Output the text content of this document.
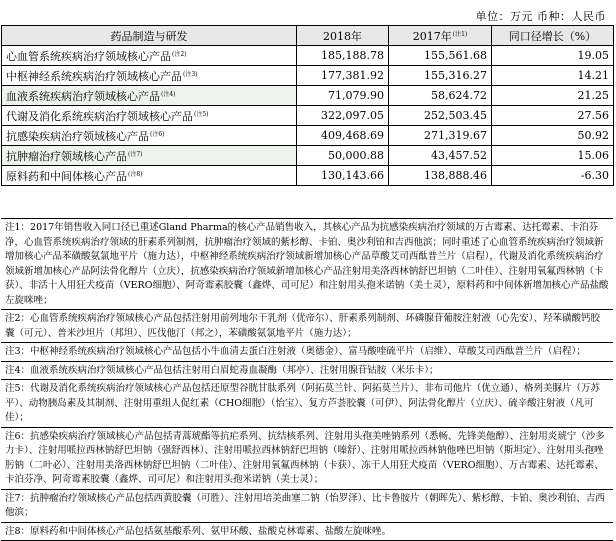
单位：万元 币种：人民币
药品制造与研发	2018年	2017年$^{(注1)}$	同口径增长（%）
心血管系统疾病治疗领域核心产品$^{(注2)}$	185,188.78	155,561.68	19.05
中枢神经系统疾病治疗领域核心产品$^{(注3)}$	177,381.92	155,316.27	14.21
血液系统疾病治疗领域核心产品$^{(注4)}$	71,079.90	58,624.72	21.25
代谢及消化系统疾病治疗领域核心产品$^{(注5)}$	322,097.05	252,503.45	27.56
抗感染疾病治疗领域核心产品$^{(注6)}$	409,468.69	271,319.67	50.92
抗肿瘤治疗领域核心产品$^{(注7)}$	50,000.88	43,457.52	15.06
原料药和中间体核心产品$^{(注8)}$	130,143.66	138,888.46	-6.30
注1：2017年销售收入同口径已重述Gland Pharma的核心产品销售收入，其核心产品为抗感染疾病治疗领域的万古霉素、达托霉素、卡泊芬净，心血管系统疾病治疗领域的肝素系列制剂，抗肿瘤治疗领域的紫杉醇、卡铂、奥沙利铂和吉西他滨；同时重述了心血管系统疾病治疗领域新增加核心产品苯磺酸氨氯地平片（施力达），中枢神经系统疾病治疗领域新增加核心产品草酸艾司西酞普兰片（启程），代谢及消化系统疾病治疗领域新增加核心产品阿法骨化醇片（立庆），抗感染疾病治疗领域新增加核心产品注射用美洛西林钠舒巴坦钠（二叶佳）、注射用氧氟西林钠（卡获）、非活十人用狂犬疫苗（VERO细胞）、阿奇霉素胶囊（鑫烨、司可尼）和注射用头孢米诺钠（美士灵），原料药和中间体新增加核心产品盐酸左旋咪唑；
注2：心血管系统疾病治疗领域核心产品包括注射用前列地尔干乳剂（优帝尔）、肝素系列制剂、环磷腺苷葡胺注射液（心先安）、羟苯磺酸钙胶囊（可元）、普米沙坦片（邦坦）、匹伐他汀（邦之），苯磺酸氨氯地平片（施力达）；
注3：中枢神经系统疾病治疗领域核心产品包括小牛血清去蛋白注射液（奥德金）、富马酸喹硫平片（启维）、草酸艾司西酞普兰片（启程）；
注4：血液系统疾病治疗领域核心产品包括注射用白眉蛇毒血凝酶（邦亭）、注射用腺苷钴胺（米乐卡）；
注5：代谢及消化系统疾病治疗领域核心产品包括还原型谷胱甘肽系列（阿拓莫兰针、阿拓莫兰片）、非布司他片（优立通）、格列美脲片（万苏平）、动物胰岛素及其制剂、注射用重组人促红素（CHO细胞）（怡宝）、复方芦荟胶囊（可伊）、阿法骨化醇片（立庆）、硫辛酸注射液（凡可佳）；
注6：抗感染疾病治疗领域核心产品包括青蒿琥酯等抗疟系列、抗结核系列、注射用头孢美唑钠系列（悉畅、先锋美他醇）、注射用炎琥宁（沙多力卡）、注射用哌拉西林钠舒巴坦钠（强舒西林）、注射用哌拉西林钠舒巴坦钠（嗪舒）、注射用哌拉西林钠他唑巴坦钠（斯坦定）、注射用头孢唑肟钠（二叶必）、注射用美洛西林钠舒巴坦钠（二叶佳）、注射用氧氟西林钠（卡获）、冻干人用狂犬疫苗（VERO细胞）、万古霉素、达托霉素、卡泊芬净、阿奇霉素胶囊（鑫烨、司可尼）和注射用头孢米诺钠（美士灵）；
注7：抗肿瘤治疗领域核心产品包括西黄胶囊（可胜）、注射用培美曲塞二钠（怡罗泽）、比卡鲁胺片（朝晖先）、紫杉醇、卡铂、奥沙利铂、吉西他滨；
注8：原料药和中间体核心产品包括氨基酸系列、氨甲环酸、盐酸克林霉素、盐酸左旋咪唑。
